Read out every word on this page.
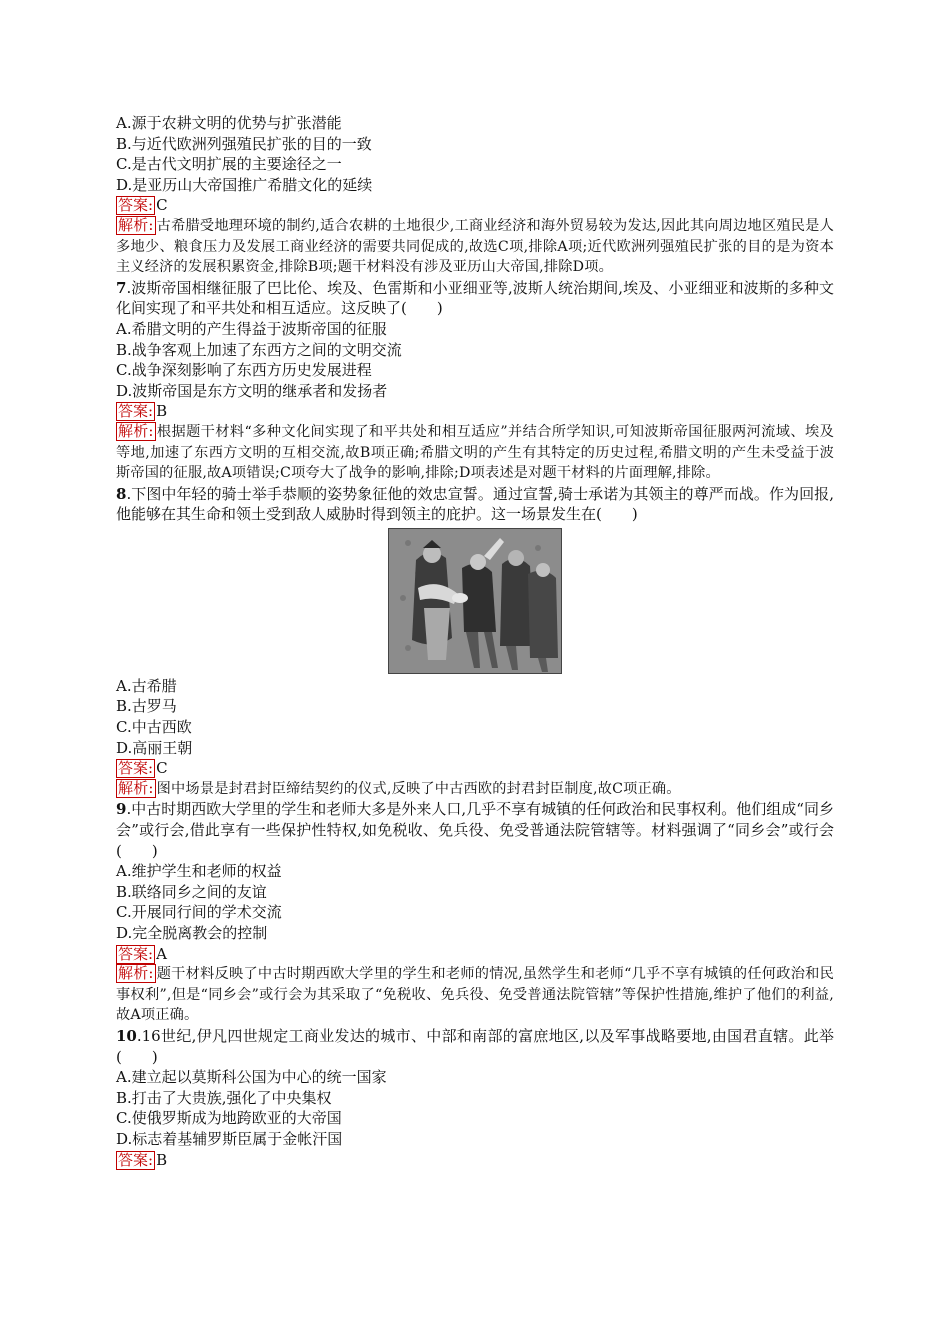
A.源于农耕文明的优势与扩张潜能
B.与近代欧洲列强殖民扩张的目的一致
C.是古代文明扩展的主要途径之一
D.是亚历山大帝国推广希腊文化的延续
答案: C
解析: 古希腊受地理环境的制约,适合农耕的土地很少,工商业经济和海外贸易较为发达,因此其向周边地区殖民是人多地少、粮食压力及发展工商业经济的需要共同促成的,故选C项,排除A项;近代欧洲列强殖民扩张的目的是为资本主义经济的发展积累资金,排除B项;题干材料没有涉及亚历山大帝国,排除D项。
7.波斯帝国相继征服了巴比伦、埃及、色雷斯和小亚细亚等,波斯人统治期间,埃及、小亚细亚和波斯的多种文化间实现了和平共处和相互适应。这反映了(　　)
A.希腊文明的产生得益于波斯帝国的征服
B.战争客观上加速了东西方之间的文明交流
C.战争深刻影响了东西方历史发展进程
D.波斯帝国是东方文明的继承者和发扬者
答案: B
解析: 根据题干材料“多种文化间实现了和平共处和相互适应”并结合所学知识,可知波斯帝国征服两河流域、埃及等地,加速了东西方文明的互相交流,故B项正确;希腊文明的产生有其特定的历史过程,希腊文明的产生未受益于波斯帝国的征服,故A项错误;C项夸大了战争的影响,排除;D项表述是对题干材料的片面理解,排除。
8.下图中年轻的骑士举手恭顺的姿势象征他的效忠宣誓。通过宣誓,骑士承诺为其领主的尊严而战。作为回报,他能够在其生命和领土受到敌人威胁时得到领主的庇护。这一场景发生在(　　)
A.古希腊
B.古罗马
C.中古西欧
D.高丽王朝
答案: C
解析: 图中场景是封君封臣缔结契约的仪式,反映了中古西欧的封君封臣制度,故C项正确。
9.中古时期西欧大学里的学生和老师大多是外来人口,几乎不享有城镇的任何政治和民事权利。他们组成“同乡会”或行会,借此享有一些保护性特权,如免税收、免兵役、免受普通法院管辖等。材料强调了“同乡会”或行会(　　)
A.维护学生和老师的权益
B.联络同乡之间的友谊
C.开展同行间的学术交流
D.完全脱离教会的控制
答案: A
解析: 题干材料反映了中古时期西欧大学里的学生和老师的情况,虽然学生和老师“几乎不享有城镇的任何政治和民事权利”,但是“同乡会”或行会为其采取了“免税收、免兵役、免受普通法院管辖”等保护性措施,维护了他们的利益,故A项正确。
10.16世纪,伊凡四世规定工商业发达的城市、中部和南部的富庶地区,以及军事战略要地,由国君直辖。此举(　　)
A.建立起以莫斯科公国为中心的统一国家
B.打击了大贵族,强化了中央集权
C.使俄罗斯成为地跨欧亚的大帝国
D.标志着基辅罗斯臣属于金帐汗国
答案: B
